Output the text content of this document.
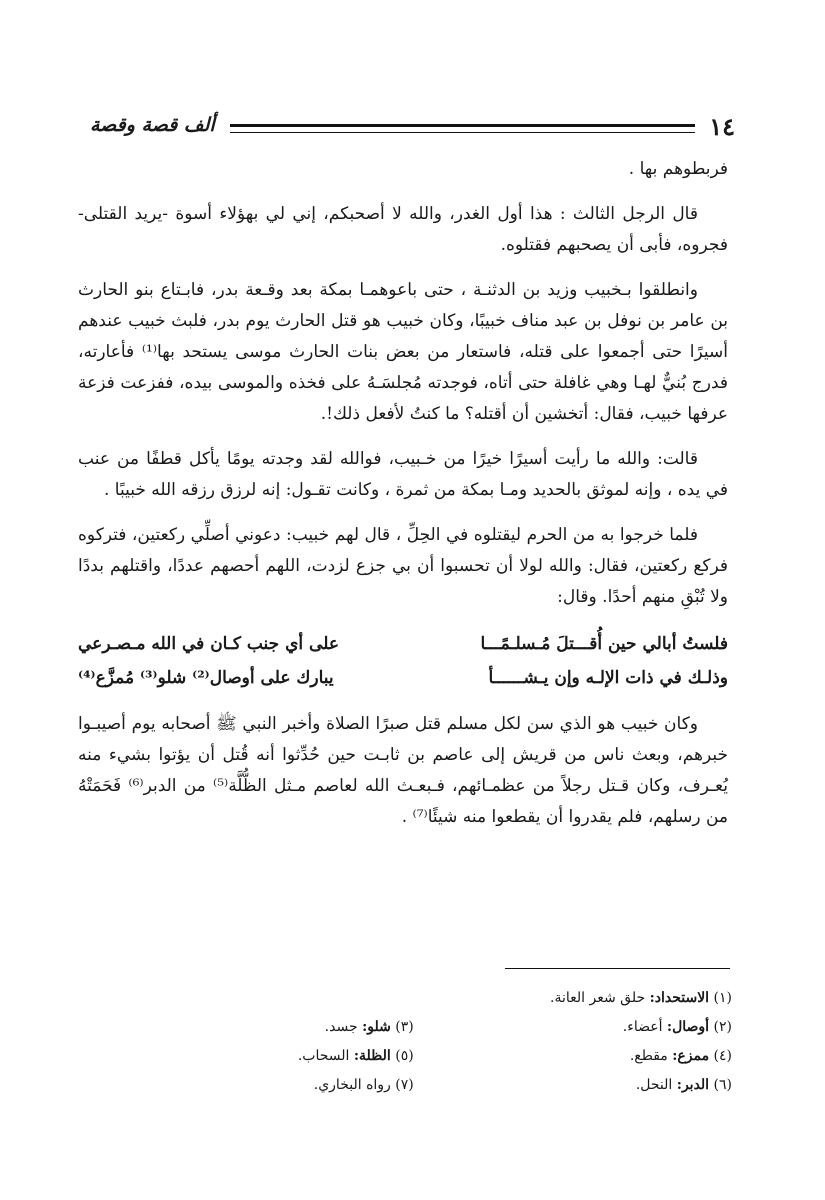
١٤
ألف قصة وقصة

فربطوهم بها .

قال الرجل الثالث : هذا أول الغدر، والله لا أصحبكم، إني لي بهؤلاء أسوة -يريد القتلى- فجروه، فأبى أن يصحبهم فقتلوه.

وانطلقوا بـخبيب وزيد بن الدثنـة ، حتى باعوهمـا بمكة بعد وقـعة بدر، فابـتاع بنو الحارث بن عامر بن نوفل بن عبد مناف خبيبًا، وكان خبيب هو قتل الحارث يوم بدر، فلبث خبيب عندهم أسيرًا حتى أجمعوا على قتله، فاستعار من بعض بنات الحارث موسى يستحد بها⁽¹⁾ فأعارته، فدرج بُنيٌّ لهـا وهي غافلة حتى أتاه، فوجدته مُجلسَـهُ على فخذه والموسى بيده، ففزعت فزعة عرفها خبيب، فقال: أتخشين أن أقتله؟ ما كنتُ لأفعل ذلك!.

قالت: والله ما رأيت أسيرًا خيرًا من خـبيب، فوالله لقد وجدته يومًا يأكل قطفًا من عنب في يده ، وإنه لموثق بالحديد ومـا بمكة من ثمرة ، وكانت تقـول: إنه لرزق رزقه الله خبيبًا .

فلما خرجوا به من الحرم ليقتلوه في الحِلِّ ، قال لهم خبيب: دعوني أصلِّي ركعتين، فتركوه فركع ركعتين، فقال: والله لولا أن تحسبوا أن بي جزع لزدت، اللهم أحصهم عددًا، واقتلهم بددًا ولا تُبْقِ منهم أحدًا. وقال:

فلستُ أبالي حين أُقـــتلَ مُـسلـمًـــا
على أي جنب كـان في الله مـصـرعي
وذلـك في ذات الإلـه وإن يـشــــــأ
يبارك على أوصال⁽²⁾ شلو⁽³⁾ مُمزَّع⁽⁴⁾

وكان خبيب هو الذي سن لكل مسلم قتل صبرًا الصلاة وأخبر النبي ﷺ أصحابه يوم أصيبـوا خبرهم، وبعث ناس من قريش إلى عاصم بن ثابـت حين حُدِّثوا أنه قُتل أن يؤتوا بشيء منه يُعـرف، وكان قـتل رجلاً من عظمـائهم، فـبعـث الله لعاصم مـثل الظُّلَّة⁽⁵⁾ من الدبر⁽⁶⁾ فَحَمَتْهُ من رسلهم، فلم يقدروا أن يقطعوا منه شيئًا⁽⁷⁾ .

(١) الاستحداد: حلق شعر العانة.
(٢) أوصال: أعضاء.
(٣) شلو: جسد.
(٤) ممزع: مقطع.
(٥) الظلة: السحاب.
(٦) الدبر: النحل.
(٧) رواه البخاري.
